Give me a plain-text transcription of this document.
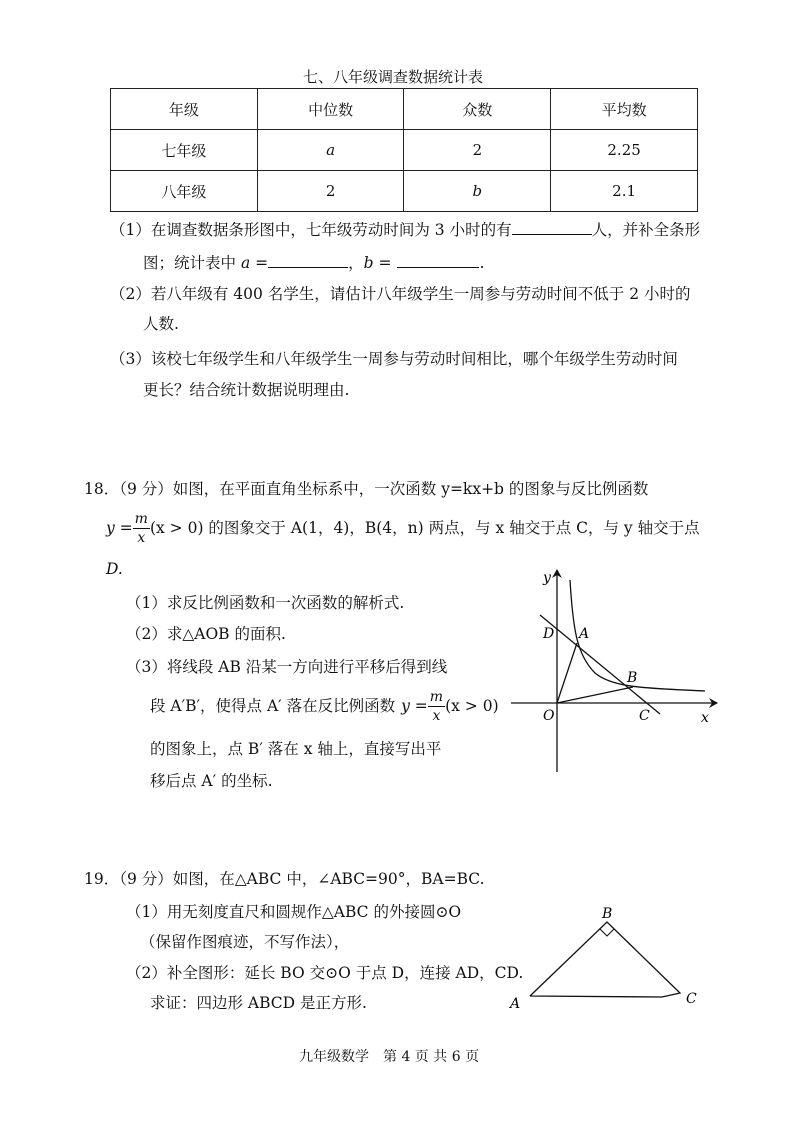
七、八年级调查数据统计表
年级	中位数	众数	平均数
七年级	a	2	2.25
八年级	2	b	2.1
（1）在调查数据条形图中，七年级劳动时间为 3 小时的有	人，并补全条形
图；统计表中 a =	，b =	.
（2）若八年级有 400 名学生，请估计八年级学生一周参与劳动时间不低于 2 小时的
人数.
（3）该校七年级学生和八年级学生一周参与劳动时间相比，哪个年级学生劳动时间
更长？结合统计数据说明理由.
18．（9 分）如图，在平面直角坐标系中，一次函数 y=kx+b 的图象与反比例函数
$y = \frac{m}{x} (x > 0)$ 的图象交于 A(1，4)，B(4，n) 两点，与 x 轴交于点 C，与 y 轴交于点
D.
（1）求反比例函数和一次函数的解析式.
（2）求△AOB 的面积.
（3）将线段 AB 沿某一方向进行平移后得到线
段 A′B′，使得点 A′ 落在反比例函数 $y = \frac{m}{x} (x > 0)$
的图象上，点 B′ 落在 x 轴上，直接写出平
移后点 A′ 的坐标.
y
x
O
D A
B
C
19．（9 分）如图，在△ABC 中，∠ABC=90°，BA=BC.
（1）用无刻度直尺和圆规作△ABC 的外接圆⊙O
（保留作图痕迹，不写作法），
（2）补全图形：延长 BO 交⊙O 于点 D，连接 AD，CD.
求证：四边形 ABCD 是正方形.
B
A	C
九年级数学　第 4 页 共 6 页
